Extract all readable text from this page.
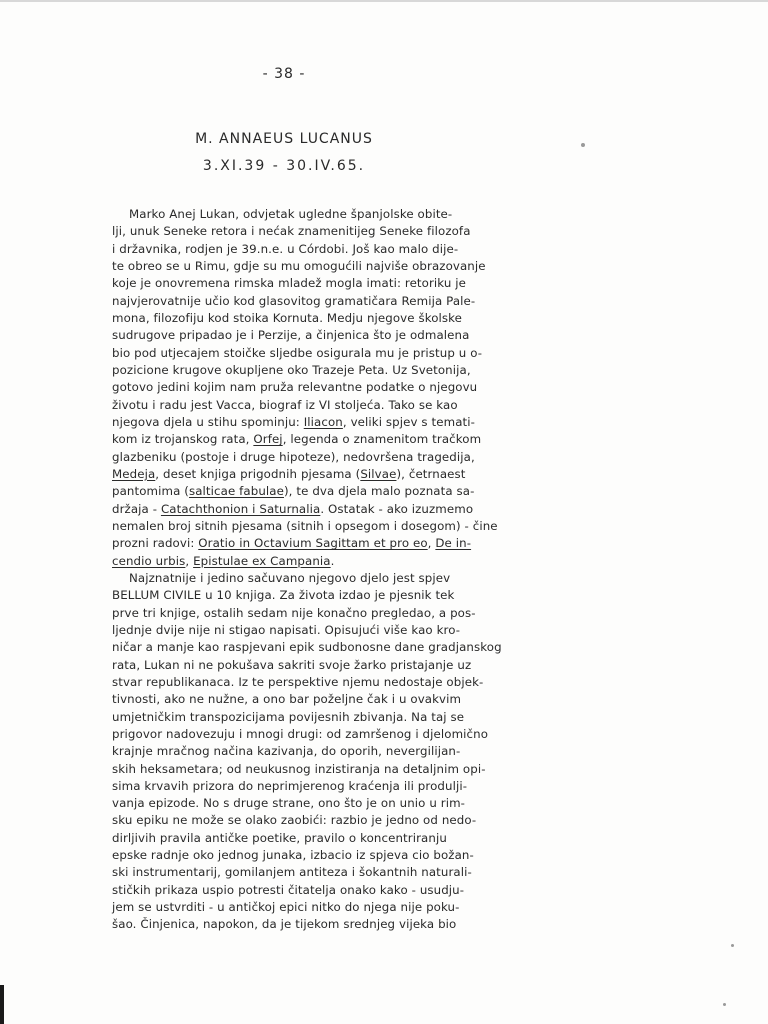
- 38 -
M. ANNAEUS LUCANUS
3.XI.39 - 30.IV.65.
Marko Anej Lukan, odvjetak ugledne španjolske obite-
lji, unuk Seneke retora i nećak znamenitijeg Seneke filozofa
i državnika, rodjen je 39.n.e. u Córdobi. Još kao malo dije-
te obreo se u Rimu, gdje su mu omogućili najviše obrazovanje
koje je onovremena rimska mladež mogla imati: retoriku je
najvjerovatnije učio kod glasovitog gramatičara Remija Pale-
mona, filozofiju kod stoika Kornuta. Medju njegove školske
sudrugove pripadao je i Perzije, a činjenica što je odmalena
bio pod utjecajem stoičke sljedbe osigurala mu je pristup u o-
pozicione krugove okupljene oko Trazeje Peta. Uz Svetonija,
gotovo jedini kojim nam pruža relevantne podatke o njegovu
životu i radu jest Vacca, biograf iz VI stoljeća. Tako se kao
njegova djela u stihu spominju: Iliacon, veliki spjev s temati-
kom iz trojanskog rata, Orfej, legenda o znamenitom tračkom
glazbeniku (postoje i druge hipoteze), nedovršena tragedija,
Medeja, deset knjiga prigodnih pjesama (Silvae), četrnaest
pantomima (salticae fabulae), te dva djela malo poznata sa-
držaja - Catachthonion i Saturnalia. Ostatak - ako izuzmemo
nemalen broj sitnih pjesama (sitnih i opsegom i dosegom) - čine
prozni radovi: Oratio in Octavium Sagittam et pro eo, De in-
cendio urbis, Epistulae ex Campania.
Najznatnije i jedino sačuvano njegovo djelo jest spjev
BELLUM CIVILE u 10 knjiga. Za života izdao je pjesnik tek
prve tri knjige, ostalih sedam nije konačno pregledao, a pos-
ljednje dvije nije ni stigao napisati. Opisujući više kao kro-
ničar a manje kao raspjevani epik sudbonosne dane gradjanskog
rata, Lukan ni ne pokušava sakriti svoje žarko pristajanje uz
stvar republikanaca. Iz te perspektive njemu nedostaje objek-
tivnosti, ako ne nužne, a ono bar poželjne čak i u ovakvim
umjetničkim transpozicijama povijesnih zbivanja. Na taj se
prigovor nadovezuju i mnogi drugi: od zamršenog i djelomično
krajnje mračnog načina kazivanja, do oporih, nevergilijan-
skih heksametara; od neukusnog inzistiranja na detaljnim opi-
sima krvavih prizora do neprimjerenog kraćenja ili produlji-
vanja epizode. No s druge strane, ono što je on unio u rim-
sku epiku ne može se olako zaobići: razbio je jedno od nedo-
dirljivih pravila antičke poetike, pravilo o koncentriranju
epske radnje oko jednog junaka, izbacio iz spjeva cio božan-
ski instrumentarij, gomilanjem antiteza i šokantnih naturali-
stičkih prikaza uspio potresti čitatelja onako kako - usudju-
jem se ustvrditi - u antičkoj epici nitko do njega nije poku-
šao. Činjenica, napokon, da je tijekom srednjeg vijeka bio
